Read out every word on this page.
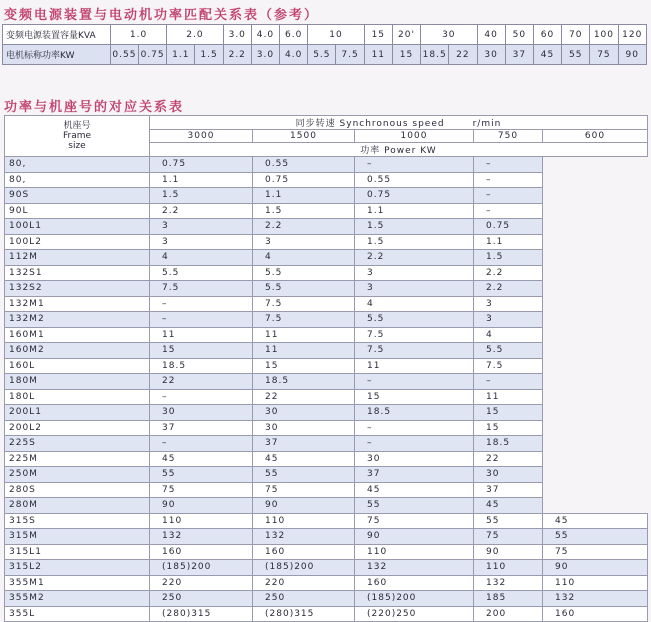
变频电源装置与电动机功率匹配关系表（参考）
变频电源装置容量KVA	1.0		2.0		3.0	4.0	6.0	10		15	20'	30		40	50	60	70	100	120
电机标称功率KW	0.55	0.75	1.1	1.5	2.2	3.0	4.0	5.5	7.5	11	15	18.5	22	30	37	45	55	75	90
功率与机座号的对应关系表
机座号
Frame
size	同步转速 Synchronous speed r/min				
	3000	1500	1000	750	600
	功率 Power KW				
80,	0.75	0.55	–	–	
80,	1.1	0.75	0.55	–	
90S	1.5	1.1	0.75	–	
90L	2.2	1.5	1.1	–	
100L1	3	2.2	1.5	0.75	
100L2	3	3	1.5	1.1	
112M	4	4	2.2	1.5	
132S1	5.5	5.5	3	2.2	
132S2	7.5	5.5	3	2.2	
132M1	–	7.5	4	3	
132M2	–	7.5	5.5	3	
160M1	11	11	7.5	4	
160M2	15	11	7.5	5.5	
160L	18.5	15	11	7.5	
180M	22	18.5	–	–	
180L	–	22	15	11	
200L1	30	30	18.5	15	
200L2	37	30	–	15	
225S	–	37	–	18.5	
225M	45	45	30	22	
250M	55	55	37	30	
280S	75	75	45	37	
280M	90	90	55	45	
315S	110	110	75	55	45
315M	132	132	90	75	55
315L1	160	160	110	90	75
315L2	(185)200	(185)200	132	110	90
355M1	220	220	160	132	110
355M2	250	250	(185)200	185	132
355L	(280)315	(280)315	(220)250	200	160
